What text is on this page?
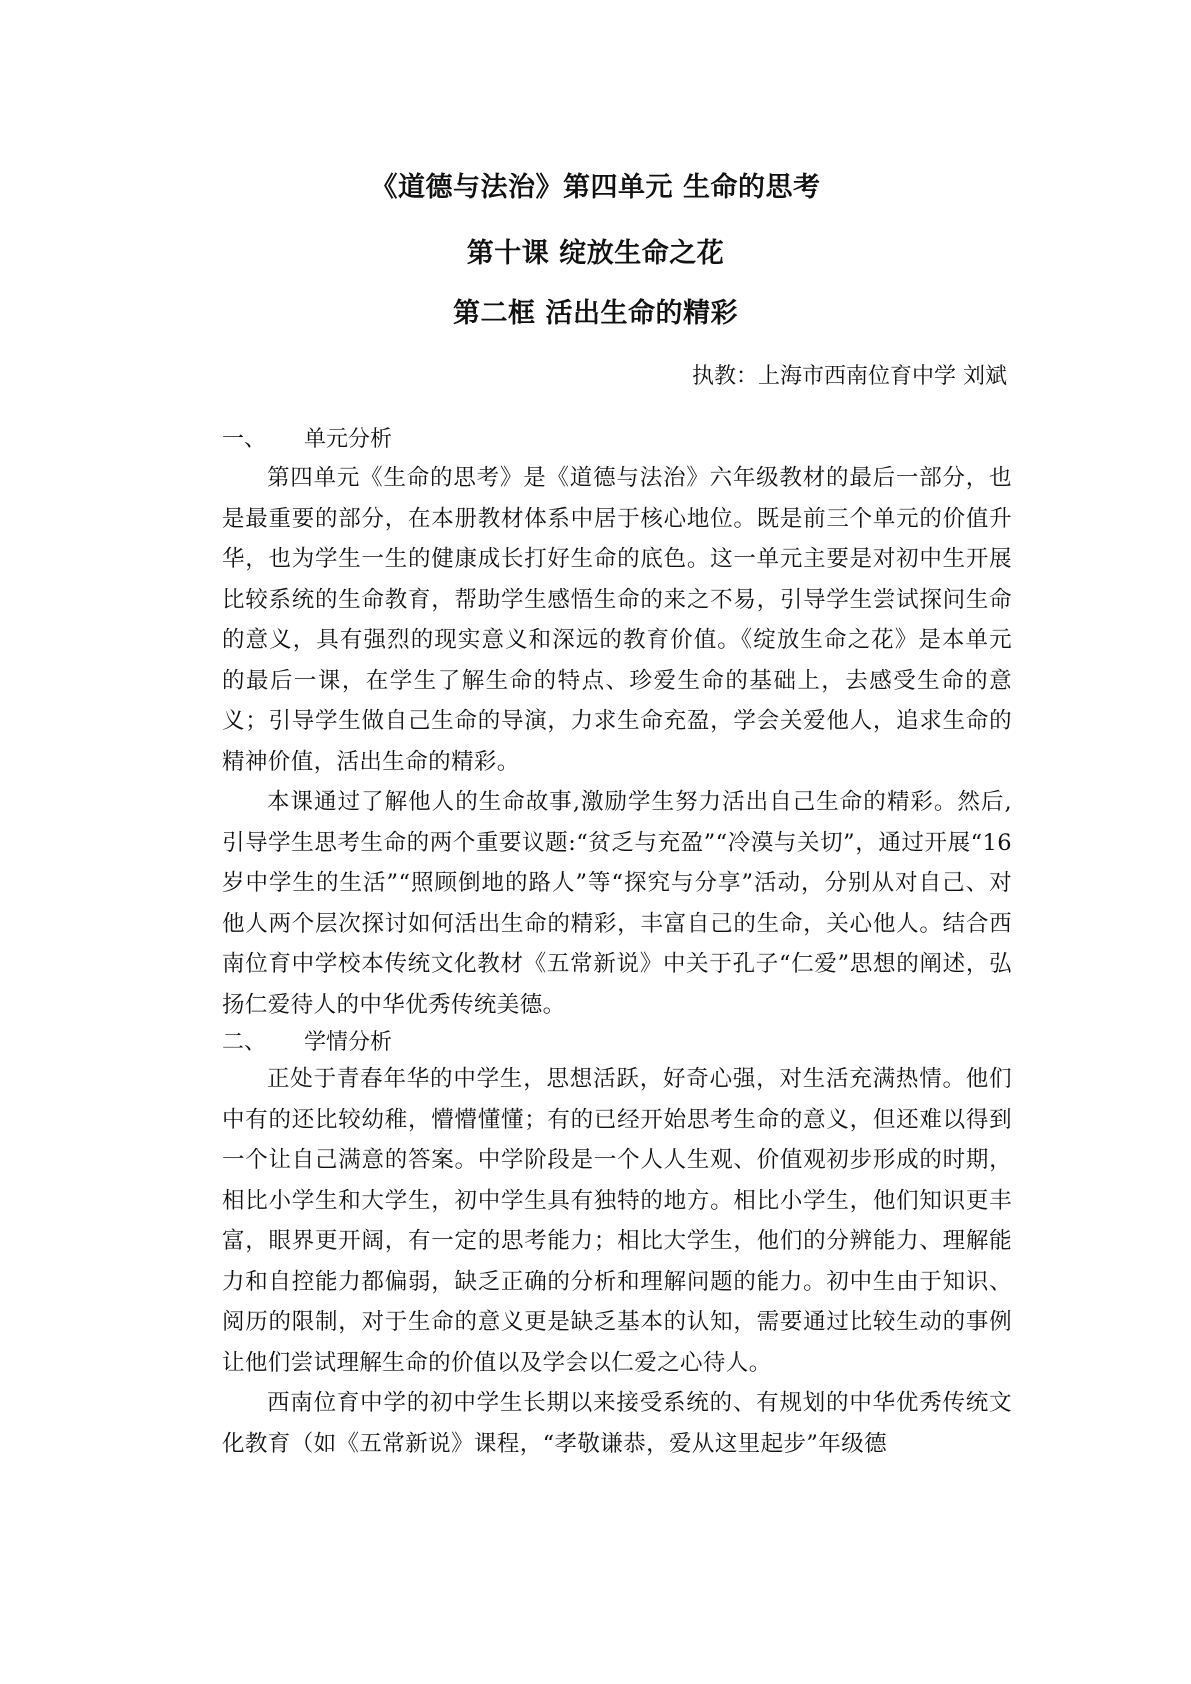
《道德与法治》第四单元 生命的思考
第十课 绽放生命之花
第二框 活出生命的精彩
执教：上海市西南位育中学 刘斌
一、 单元分析

第四单元《生命的思考》是《道德与法治》六年级教材的最后一部分，也是最重要的部分，在本册教材体系中居于核心地位。既是前三个单元的价值升华，也为学生一生的健康成长打好生命的底色。这一单元主要是对初中生开展比较系统的生命教育，帮助学生感悟生命的来之不易，引导学生尝试探问生命的意义，具有强烈的现实意义和深远的教育价值。《绽放生命之花》是本单元的最后一课，在学生了解生命的特点、珍爱生命的基础上，去感受生命的意义；引导学生做自己生命的导演，力求生命充盈，学会关爱他人，追求生命的精神价值，活出生命的精彩。

本课通过了解他人的生命故事,激励学生努力活出自己生命的精彩。然后,引导学生思考生命的两个重要议题:“贫乏与充盈”“冷漠与关切”，通过开展“16 岁中学生的生活”“照顾倒地的路人”等“探究与分享”活动，分别从对自己、对他人两个层次探讨如何活出生命的精彩，丰富自己的生命，关心他人。结合西南位育中学校本传统文化教材《五常新说》中关于孔子“仁爱”思想的阐述，弘扬仁爱待人的中华优秀传统美德。

二、 学情分析

正处于青春年华的中学生，思想活跃，好奇心强，对生活充满热情。他们中有的还比较幼稚，懵懵懂懂；有的已经开始思考生命的意义，但还难以得到一个让自己满意的答案。中学阶段是一个人人生观、价值观初步形成的时期，相比小学生和大学生，初中学生具有独特的地方。相比小学生，他们知识更丰富，眼界更开阔，有一定的思考能力；相比大学生，他们的分辨能力、理解能力和自控能力都偏弱，缺乏正确的分析和理解问题的能力。初中生由于知识、阅历的限制，对于生命的意义更是缺乏基本的认知，需要通过比较生动的事例让他们尝试理解生命的价值以及学会以仁爱之心待人。

西南位育中学的初中学生长期以来接受系统的、有规划的中华优秀传统文化教育（如《五常新说》课程，“孝敬谦恭，爱从这里起步”年级德
